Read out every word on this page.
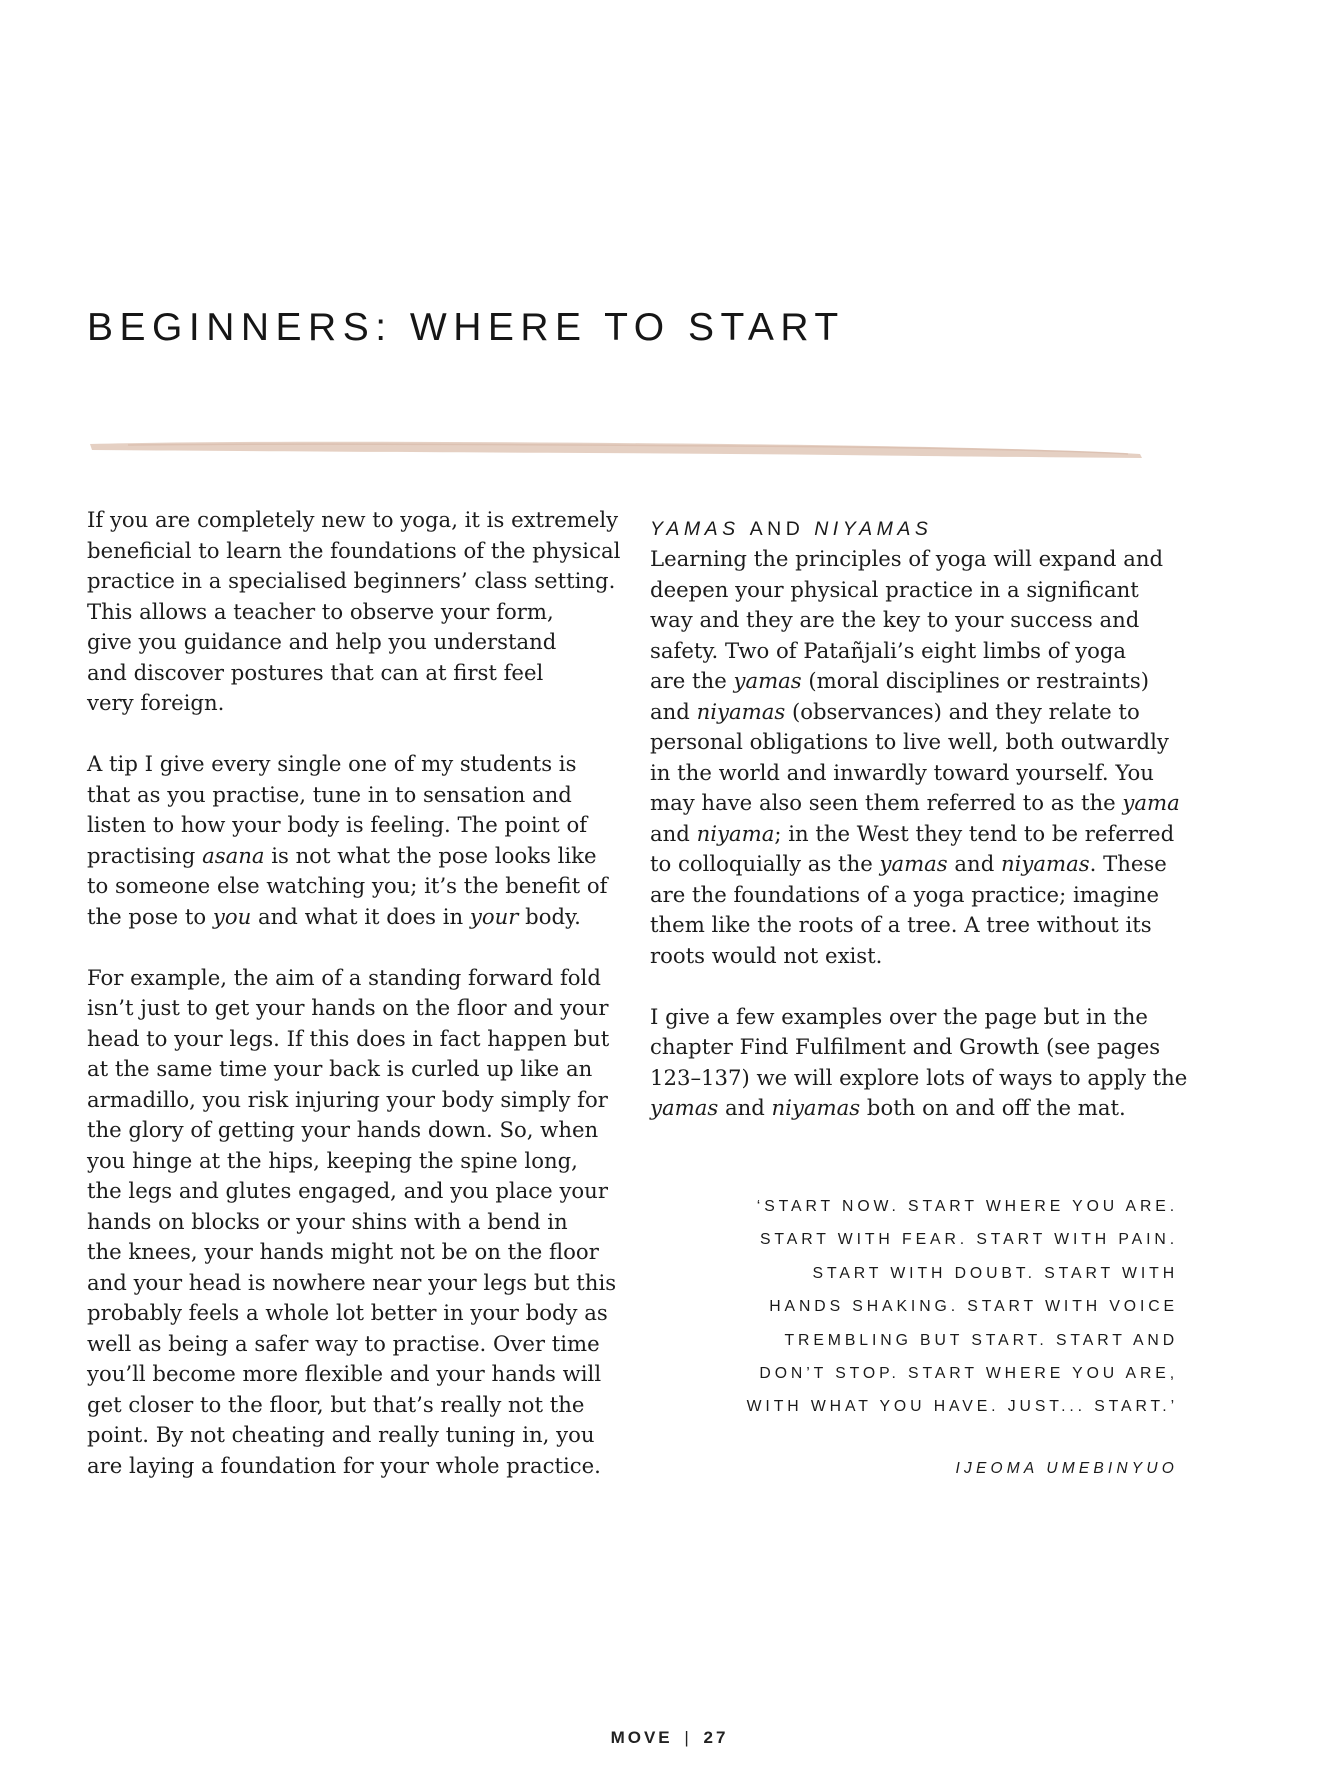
BEGINNERS: WHERE TO START

If you are completely new to yoga, it is extremely
beneficial to learn the foundations of the physical
practice in a specialised beginners’ class setting.
This allows a teacher to observe your form,
give you guidance and help you understand
and discover postures that can at first feel
very foreign.

A tip I give every single one of my students is
that as you practise, tune in to sensation and
listen to how your body is feeling. The point of
practising asana is not what the pose looks like
to someone else watching you; it’s the benefit of
the pose to you and what it does in your body.

For example, the aim of a standing forward fold
isn’t just to get your hands on the floor and your
head to your legs. If this does in fact happen but
at the same time your back is curled up like an
armadillo, you risk injuring your body simply for
the glory of getting your hands down. So, when
you hinge at the hips, keeping the spine long,
the legs and glutes engaged, and you place your
hands on blocks or your shins with a bend in
the knees, your hands might not be on the floor
and your head is nowhere near your legs but this
probably feels a whole lot better in your body as
well as being a safer way to practise. Over time
you’ll become more flexible and your hands will
get closer to the floor, but that’s really not the
point. By not cheating and really tuning in, you
are laying a foundation for your whole practice.

YAMAS AND NIYAMAS

Learning the principles of yoga will expand and
deepen your physical practice in a significant
way and they are the key to your success and
safety. Two of Patañjali’s eight limbs of yoga
are the yamas (moral disciplines or restraints)
and niyamas (observances) and they relate to
personal obligations to live well, both outwardly
in the world and inwardly toward yourself. You
may have also seen them referred to as the yama
and niyama; in the West they tend to be referred
to colloquially as the yamas and niyamas. These
are the foundations of a yoga practice; imagine
them like the roots of a tree. A tree without its
roots would not exist.

I give a few examples over the page but in the
chapter Find Fulfilment and Growth (see pages
123–137) we will explore lots of ways to apply the
yamas and niyamas both on and off the mat.

‘START NOW. START WHERE YOU ARE.
START WITH FEAR. START WITH PAIN.
START WITH DOUBT. START WITH
HANDS SHAKING. START WITH VOICE
TREMBLING BUT START. START AND
DON’T STOP. START WHERE YOU ARE,
WITH WHAT YOU HAVE. JUST... START.’
IJEOMA UMEBINYUO
MOVE | 27
